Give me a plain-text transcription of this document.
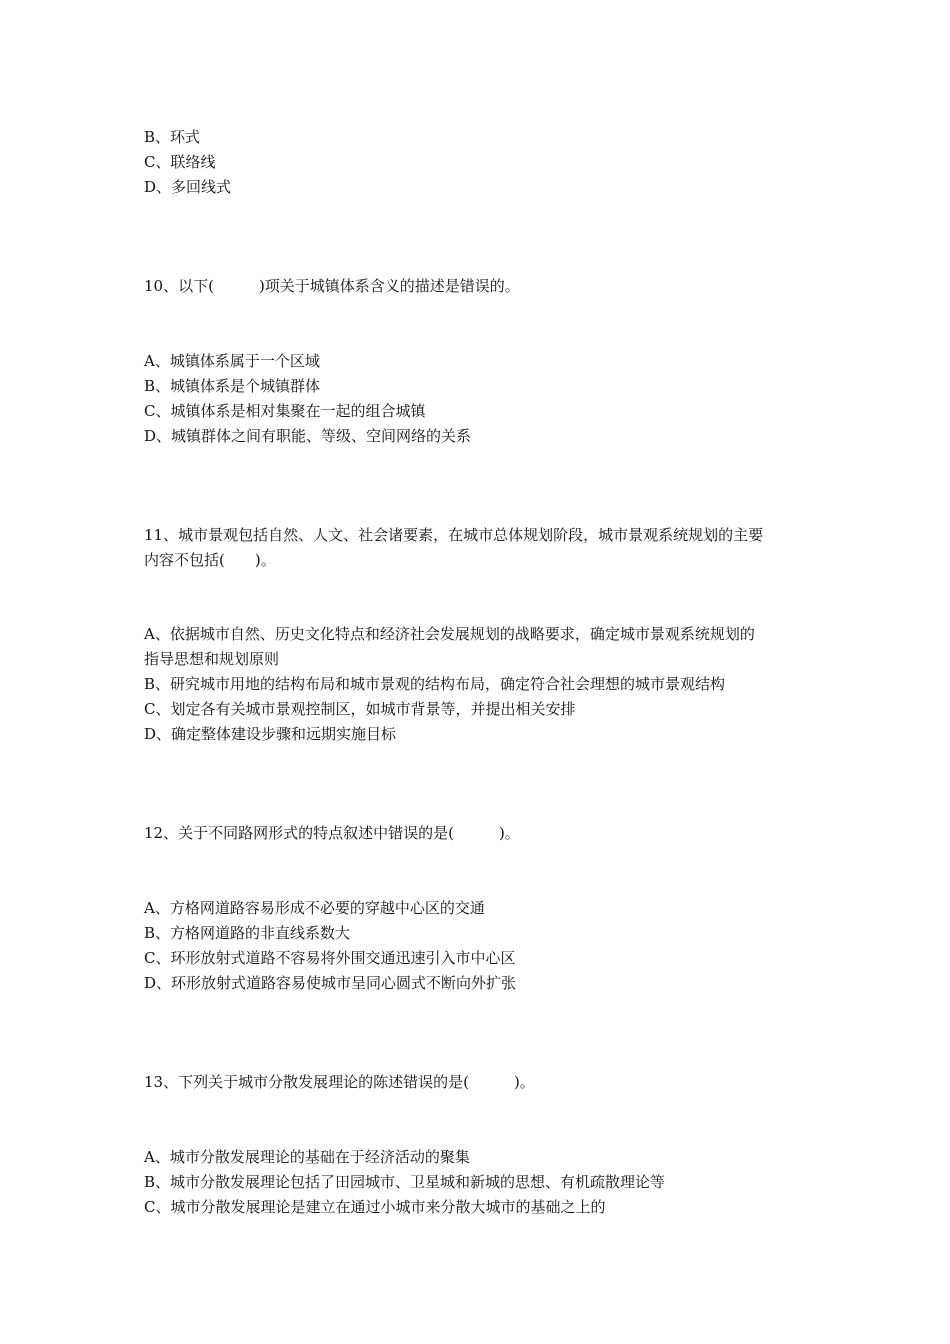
B、环式
C、联络线
D、多回线式
10、以下(　　　)项关于城镇体系含义的描述是错误的。
A、城镇体系属于一个区域
B、城镇体系是个城镇群体
C、城镇体系是相对集聚在一起的组合城镇
D、城镇群体之间有职能、等级、空间网络的关系
11、城市景观包括自然、人文、社会诸要素，在城市总体规划阶段，城市景观系统规划的主要
内容不包括(　　)。
A、依据城市自然、历史文化特点和经济社会发展规划的战略要求，确定城市景观系统规划的
指导思想和规划原则
B、研究城市用地的结构布局和城市景观的结构布局，确定符合社会理想的城市景观结构
C、划定各有关城市景观控制区，如城市背景等，并提出相关安排
D、确定整体建设步骤和远期实施目标
12、关于不同路网形式的特点叙述中错误的是(　　　)。
A、方格网道路容易形成不必要的穿越中心区的交通
B、方格网道路的非直线系数大
C、环形放射式道路不容易将外围交通迅速引入市中心区
D、环形放射式道路容易使城市呈同心圆式不断向外扩张
13、下列关于城市分散发展理论的陈述错误的是(　　　)。
A、城市分散发展理论的基础在于经济活动的聚集
B、城市分散发展理论包括了田园城市、卫星城和新城的思想、有机疏散理论等
C、城市分散发展理论是建立在通过小城市来分散大城市的基础之上的
